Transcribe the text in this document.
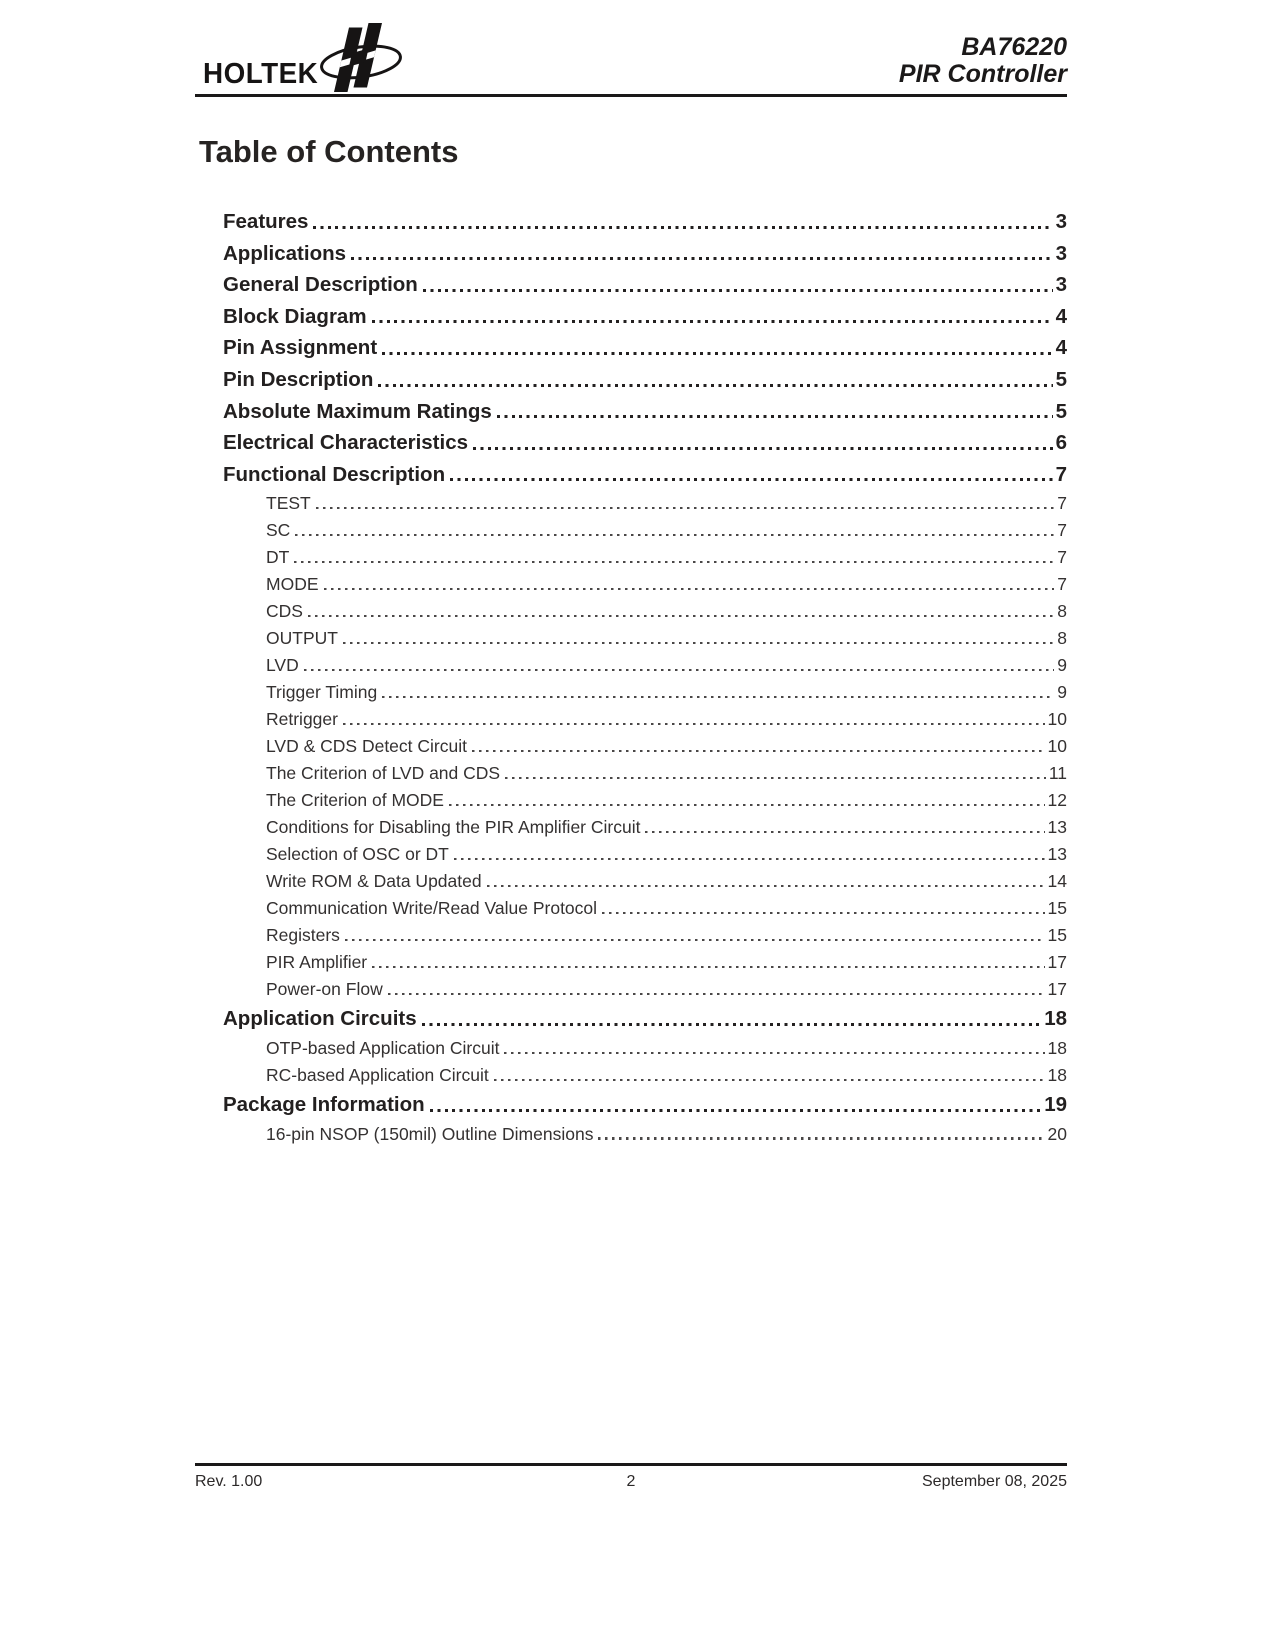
HOLTEK
BA76220
PIR Controller
Table of Contents
Features	3
Applications	3
General Description	3
Block Diagram	4
Pin Assignment	4
Pin Description	5
Absolute Maximum Ratings	5
Electrical Characteristics	6
Functional Description	7
TEST	7
SC	7
DT	7
MODE	7
CDS	8
OUTPUT	8
LVD	9
Trigger Timing	9
Retrigger	10
LVD & CDS Detect Circuit	10
The Criterion of LVD and CDS	11
The Criterion of MODE	12
Conditions for Disabling the PIR Amplifier Circuit	13
Selection of OSC or DT	13
Write ROM & Data Updated	14
Communication Write/Read Value Protocol	15
Registers	15
PIR Amplifier	17
Power-on Flow	17
Application Circuits	18
OTP-based Application Circuit	18
RC-based Application Circuit	18
Package Information	19
16-pin NSOP (150mil) Outline Dimensions	20
Rev. 1.00	2	September 08, 2025
